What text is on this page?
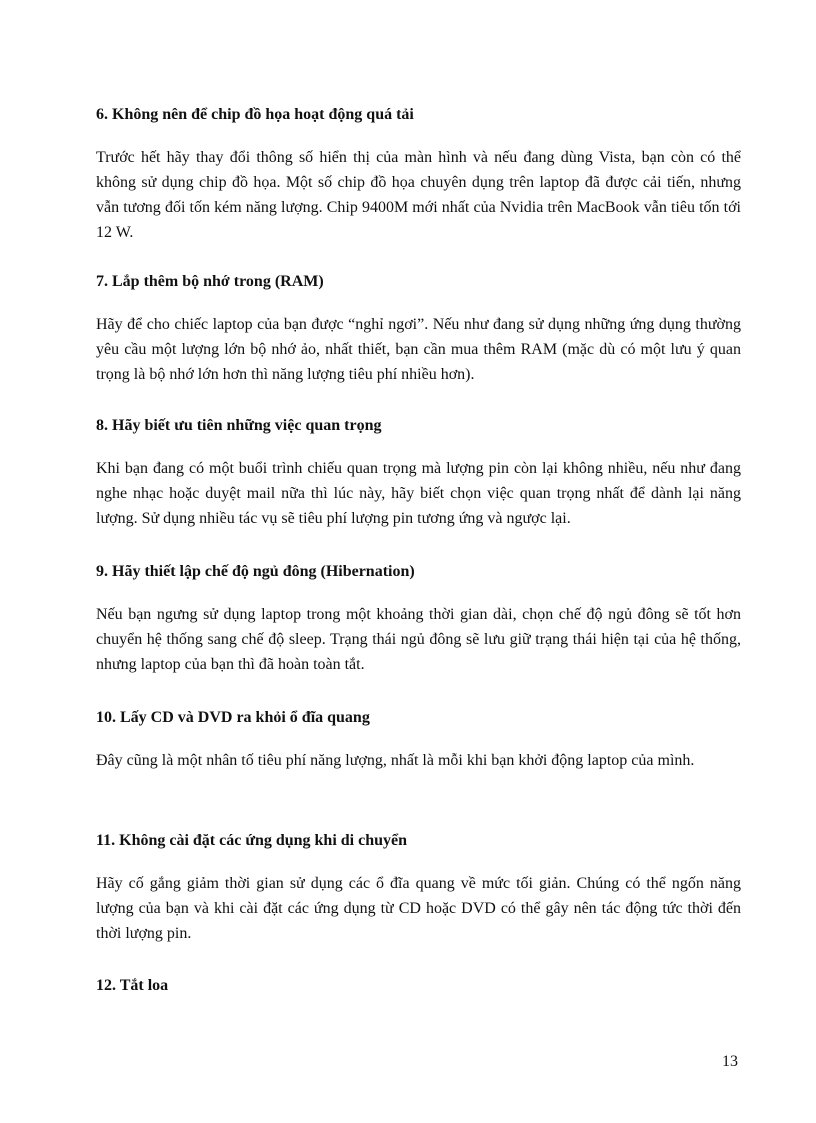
6. Không nên để chip đồ họa hoạt động quá tải

Trước hết hãy thay đổi thông số hiển thị của màn hình và nếu đang dùng Vista, bạn còn có thể không sử dụng chip đồ họa. Một số chip đồ họa chuyên dụng trên laptop đã được cải tiến, nhưng vẫn tương đối tốn kém năng lượng. Chip 9400M mới nhất của Nvidia trên MacBook vẫn tiêu tốn tới 12 W.

7. Lắp thêm bộ nhớ trong (RAM)

Hãy để cho chiếc laptop của bạn được “nghỉ ngơi”. Nếu như đang sử dụng những ứng dụng thường yêu cầu một lượng lớn bộ nhớ ảo, nhất thiết, bạn cần mua thêm RAM (mặc dù có một lưu ý quan trọng là bộ nhớ lớn hơn thì năng lượng tiêu phí nhiều hơn).

8. Hãy biết ưu tiên những việc quan trọng

Khi bạn đang có một buổi trình chiếu quan trọng mà lượng pin còn lại không nhiều, nếu như đang nghe nhạc hoặc duyệt mail nữa thì lúc này, hãy biết chọn việc quan trọng nhất để dành lại năng lượng. Sử dụng nhiều tác vụ sẽ tiêu phí lượng pin tương ứng và ngược lại.

9. Hãy thiết lập chế độ ngủ đông (Hibernation)

Nếu bạn ngưng sử dụng laptop trong một khoảng thời gian dài, chọn chế độ ngủ đông sẽ tốt hơn chuyển hệ thống sang chế độ sleep. Trạng thái ngủ đông sẽ lưu giữ trạng thái hiện tại của hệ thống, nhưng laptop của bạn thì đã hoàn toàn tắt.

10. Lấy CD và DVD ra khỏi ổ đĩa quang

Đây cũng là một nhân tố tiêu phí năng lượng, nhất là mỗi khi bạn khởi động laptop của mình.

11. Không cài đặt các ứng dụng khi di chuyển

Hãy cố gắng giảm thời gian sử dụng các ổ đĩa quang về mức tối giản. Chúng có thể ngốn năng lượng của bạn và khi cài đặt các ứng dụng từ CD hoặc DVD có thể gây nên tác động tức thời đến thời lượng pin.

12. Tắt loa
13
